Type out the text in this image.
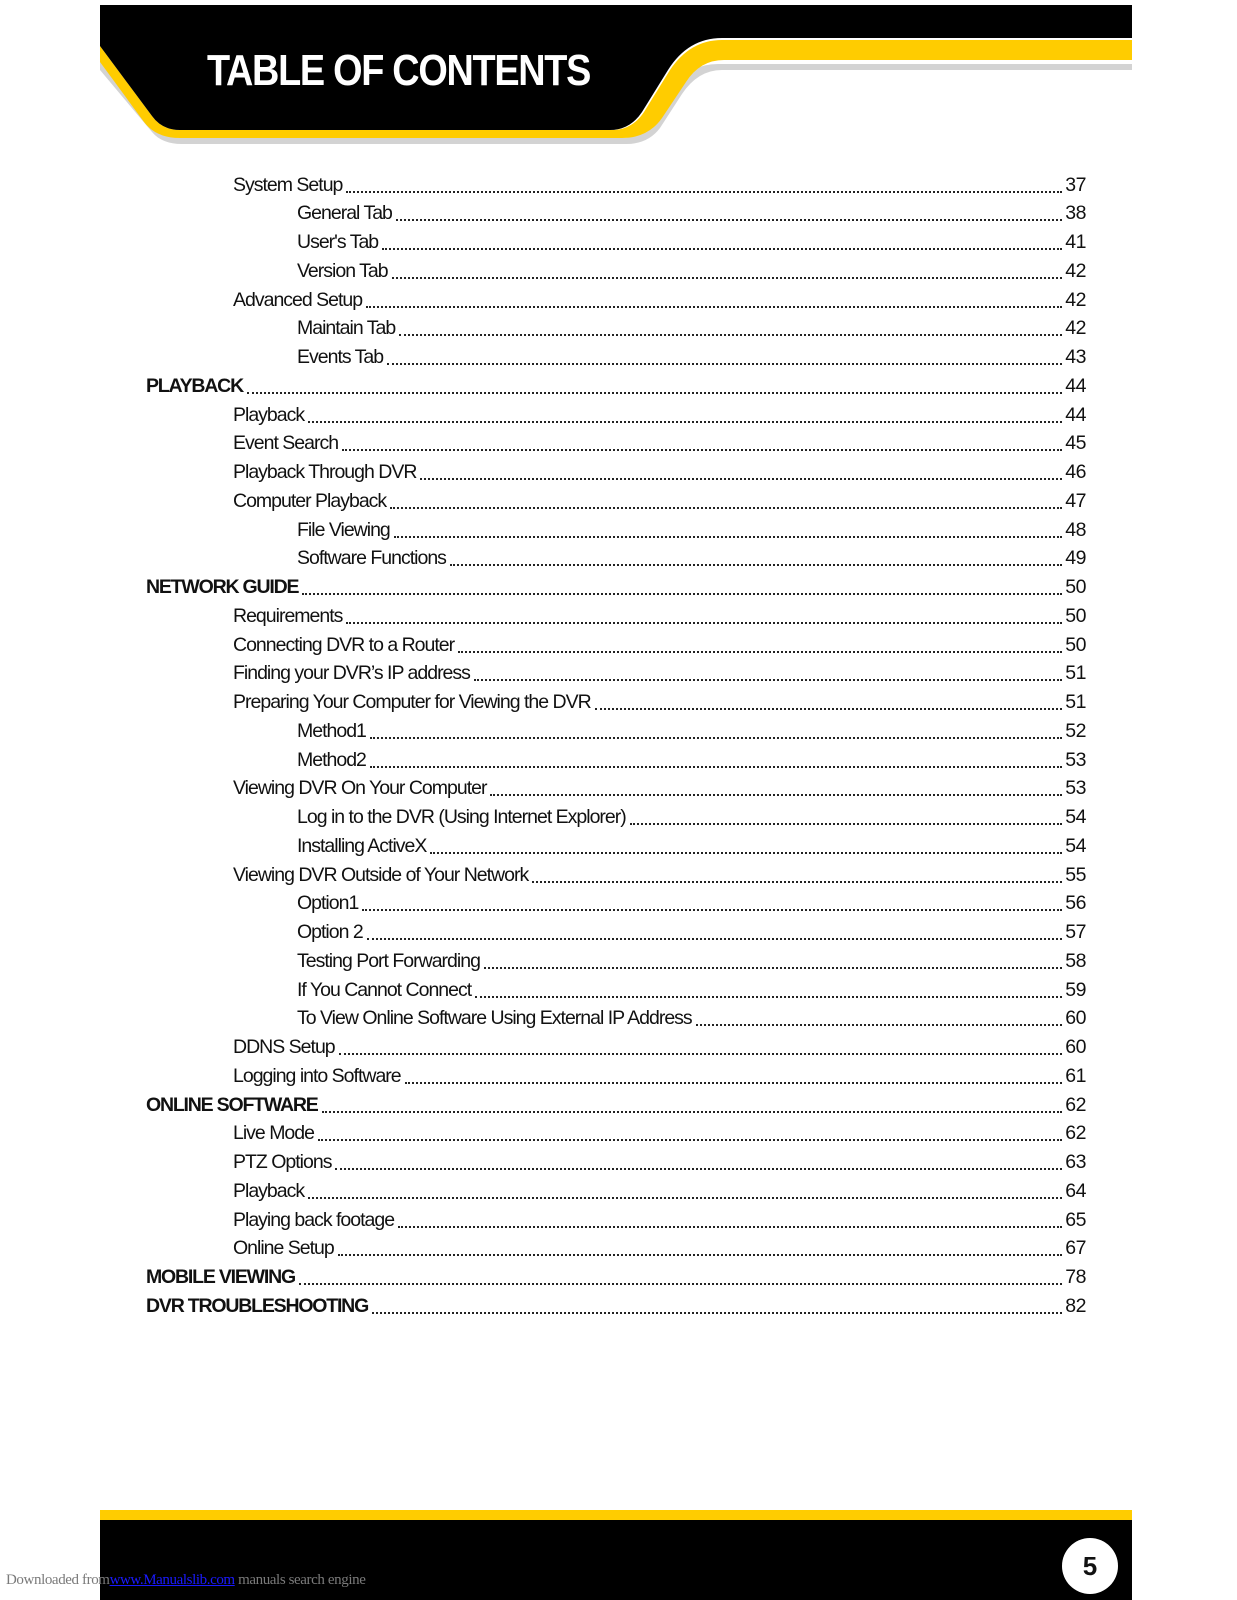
TABLE OF CONTENTS
System Setup	37
General Tab	38
User's Tab	41
Version Tab	42
Advanced Setup	42
Maintain Tab	42
Events Tab	43
PLAYBACK	44
Playback	44
Event Search	45
Playback Through DVR	46
Computer Playback	47
File Viewing	48
Software Functions	49
NETWORK GUIDE	50
Requirements	50
Connecting DVR to a Router	50
Finding your DVR’s IP address	51
Preparing Your Computer for Viewing the DVR	51
Method1	52
Method2	53
Viewing DVR On Your Computer	53
Log in to the DVR (Using Internet Explorer)	54
Installing ActiveX	54
Viewing DVR Outside of Your Network	55
Option1	56
Option 2	57
Testing Port Forwarding	58
If You Cannot Connect	59
To View Online Software Using External IP Address	60
DDNS Setup	60
Logging into Software	61
ONLINE SOFTWARE	62
Live Mode	62
PTZ Options	63
Playback	64
Playing back footage	65
Online Setup	67
MOBILE VIEWING	78
DVR TROUBLESHOOTING	82
5
Downloaded fromwww.Manualslib.com manuals search engine
